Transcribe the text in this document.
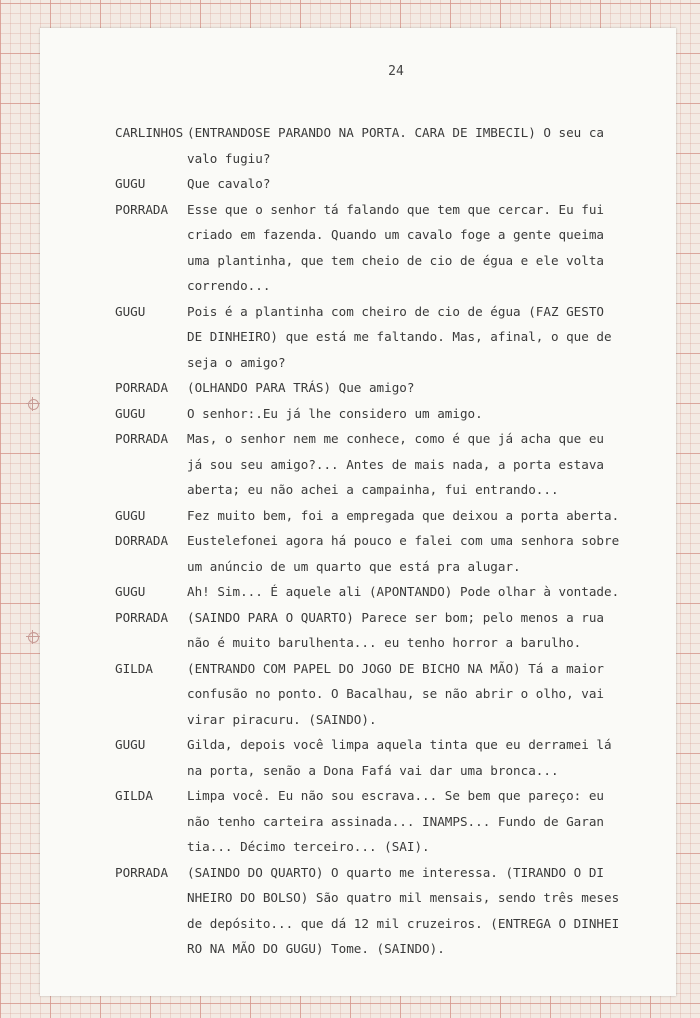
24
CARLINHOS (ENTRANDOSE PARANDO NA PORTA. CARA DE IMBECIL) O seu ca
valo fugiu?
GUGU	Que cavalo?
PORRADA	Esse que o senhor tá falando que tem que cercar. Eu fui
criado em fazenda. Quando um cavalo foge a gente queima
uma plantinha, que tem cheio de cio de égua e ele volta
correndo...
GUGU	Pois é a plantinha com cheiro de cio de égua (FAZ GESTO
DE DINHEIRO) que está me faltando. Mas, afinal, o que de
seja o amigo?
PORRADA	(OLHANDO PARA TRÁS) Que amigo?
GUGU	O senhor:.Eu já lhe considero um amigo.
PORRADA	Mas, o senhor nem me conhece, como é que já acha que eu
já sou seu amigo?... Antes de mais nada, a porta estava
aberta; eu não achei a campainha, fui entrando...
GUGU	Fez muito bem, foi a empregada que deixou a porta aberta.
DORRADA	Eustelefonei agora há pouco e falei com uma senhora sobre
um anúncio de um quarto que está pra alugar.
GUGU	Ah! Sim... É aquele ali (APONTANDO) Pode olhar à vontade.
PORRADA	(SAINDO PARA O QUARTO) Parece ser bom; pelo menos a rua
não é muito barulhenta... eu tenho horror a barulho.
GILDA	(ENTRANDO COM PAPEL DO JOGO DE BICHO NA MÃO) Tá a maior
confusão no ponto. O Bacalhau, se não abrir o olho, vai
virar piracuru. (SAINDO).
GUGU	Gilda, depois você limpa aquela tinta que eu derramei lá
na porta, senão a Dona Fafá vai dar uma bronca...
GILDA	Limpa você. Eu não sou escrava... Se bem que pareço: eu
não tenho carteira assinada... INAMPS... Fundo de Garan
tia... Décimo terceiro... (SAI).
PORRADA	(SAINDO DO QUARTO) O quarto me interessa. (TIRANDO O DI
NHEIRO DO BOLSO) São quatro mil mensais, sendo três meses
de depósito... que dá 12 mil cruzeiros. (ENTREGA O DINHEI
RO NA MÃO DO GUGU) Tome. (SAINDO).
